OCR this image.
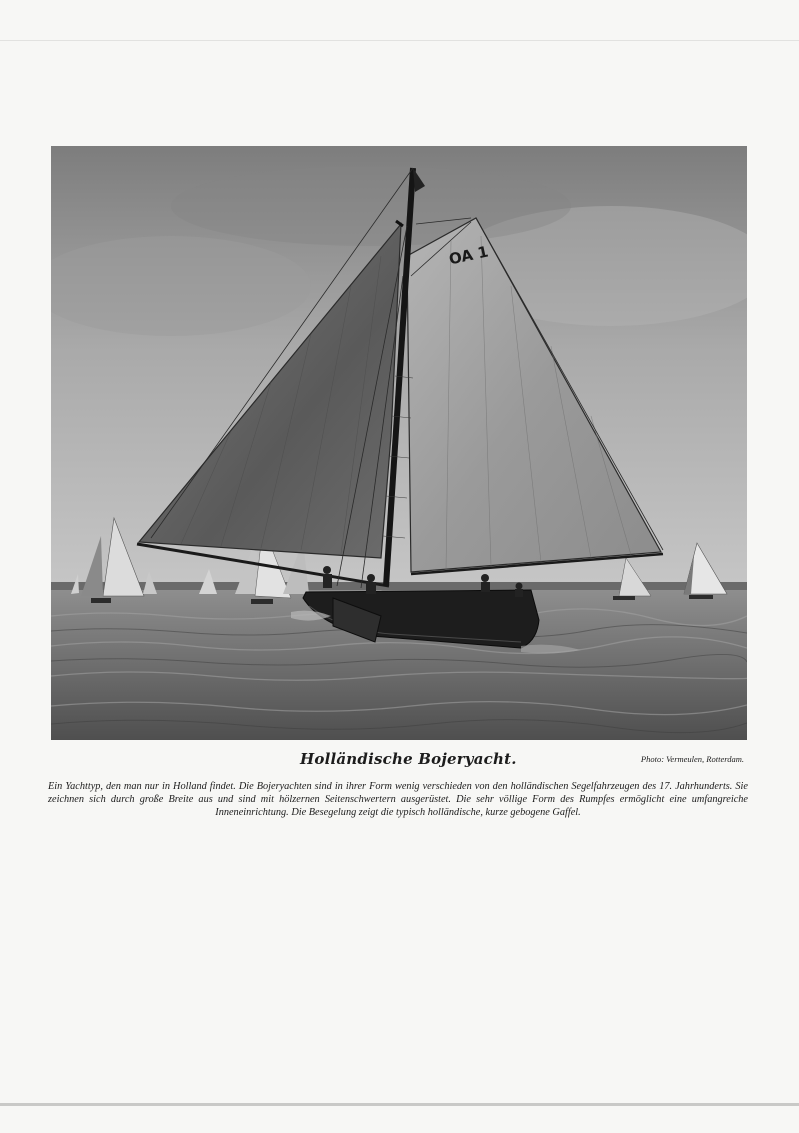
OA 1
Holländische Bojeryacht.	Photo: Vermeulen, Rotterdam.
Ein Yachttyp, den man nur in Holland findet. Die Bojeryachten sind in ihrer Form wenig verschieden von den holländischen Segelfahrzeugen des 17. Jahrhunderts. Sie zeichnen sich durch große Breite aus und sind mit hölzernen Seitenschwertern ausgerüstet. Die sehr völlige Form des Rumpfes ermöglicht eine umfangreiche Inneneinrichtung. Die Besegelung zeigt die typisch holländische, kurze gebogene Gaffel.
